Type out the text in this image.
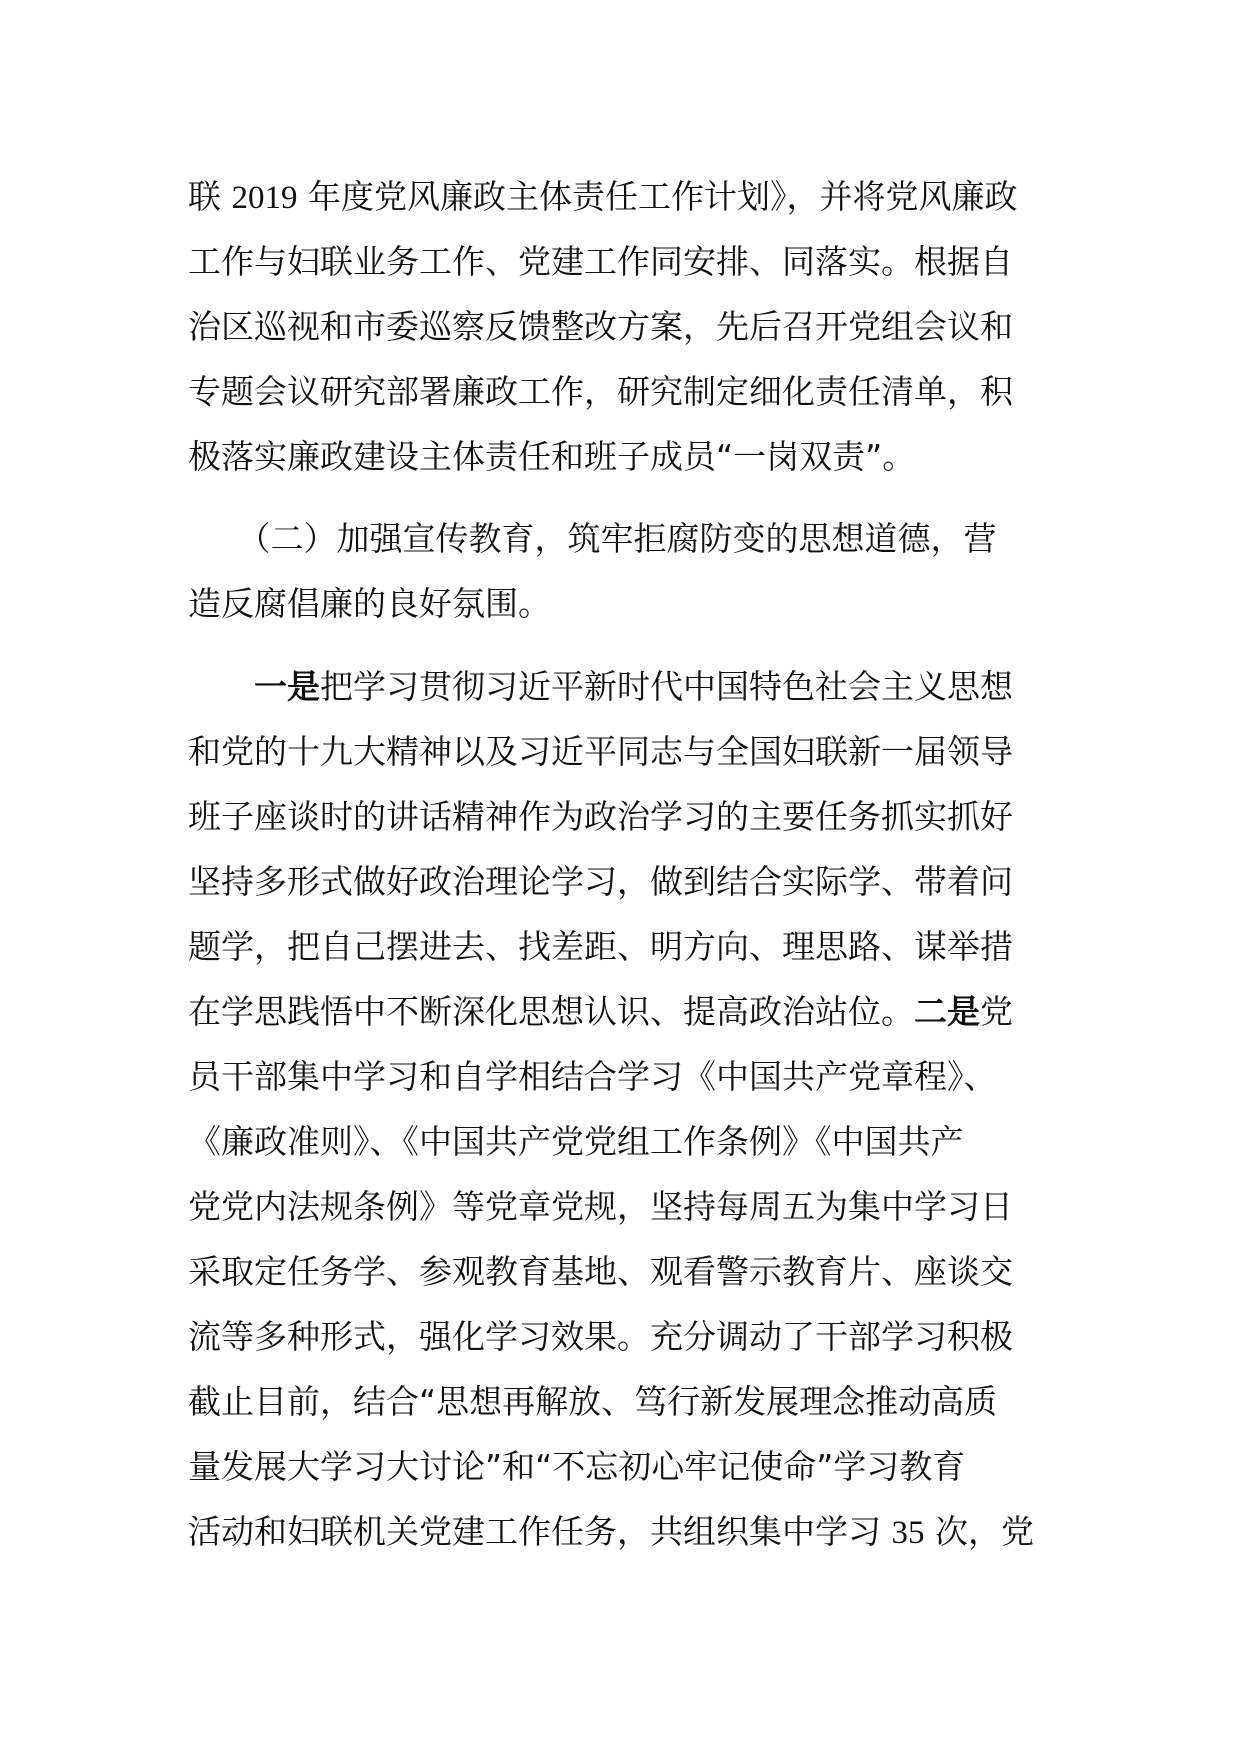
联 2019 年度党风廉政主体责任工作计划》，并将党风廉政
工作与妇联业务工作、党建工作同安排、同落实。根据自
治区巡视和市委巡察反馈整改方案，先后召开党组会议和
专题会议研究部署廉政工作，研究制定细化责任清单，积
极落实廉政建设主体责任和班子成员“一岗双责”。
　　（二）加强宣传教育，筑牢拒腐防变的思想道德，营
造反腐倡廉的良好氛围。
　　一是把学习贯彻习近平新时代中国特色社会主义思想
和党的十九大精神以及习近平同志与全国妇联新一届领导
班子座谈时的讲话精神作为政治学习的主要任务抓实抓好
坚持多形式做好政治理论学习，做到结合实际学、带着问
题学，把自己摆进去、找差距、明方向、理思路、谋举措
在学思践悟中不断深化思想认识、提高政治站位。二是党
员干部集中学习和自学相结合学习《中国共产党章程》、
《廉政准则》、《中国共产党党组工作条例》《中国共产
党党内法规条例》等党章党规，坚持每周五为集中学习日
采取定任务学、参观教育基地、观看警示教育片、座谈交
流等多种形式，强化学习效果。充分调动了干部学习积极
截止目前，结合“思想再解放、笃行新发展理念推动高质
量发展大学习大讨论”和“不忘初心牢记使命”学习教育
活动和妇联机关党建工作任务，共组织集中学习 35 次，党
